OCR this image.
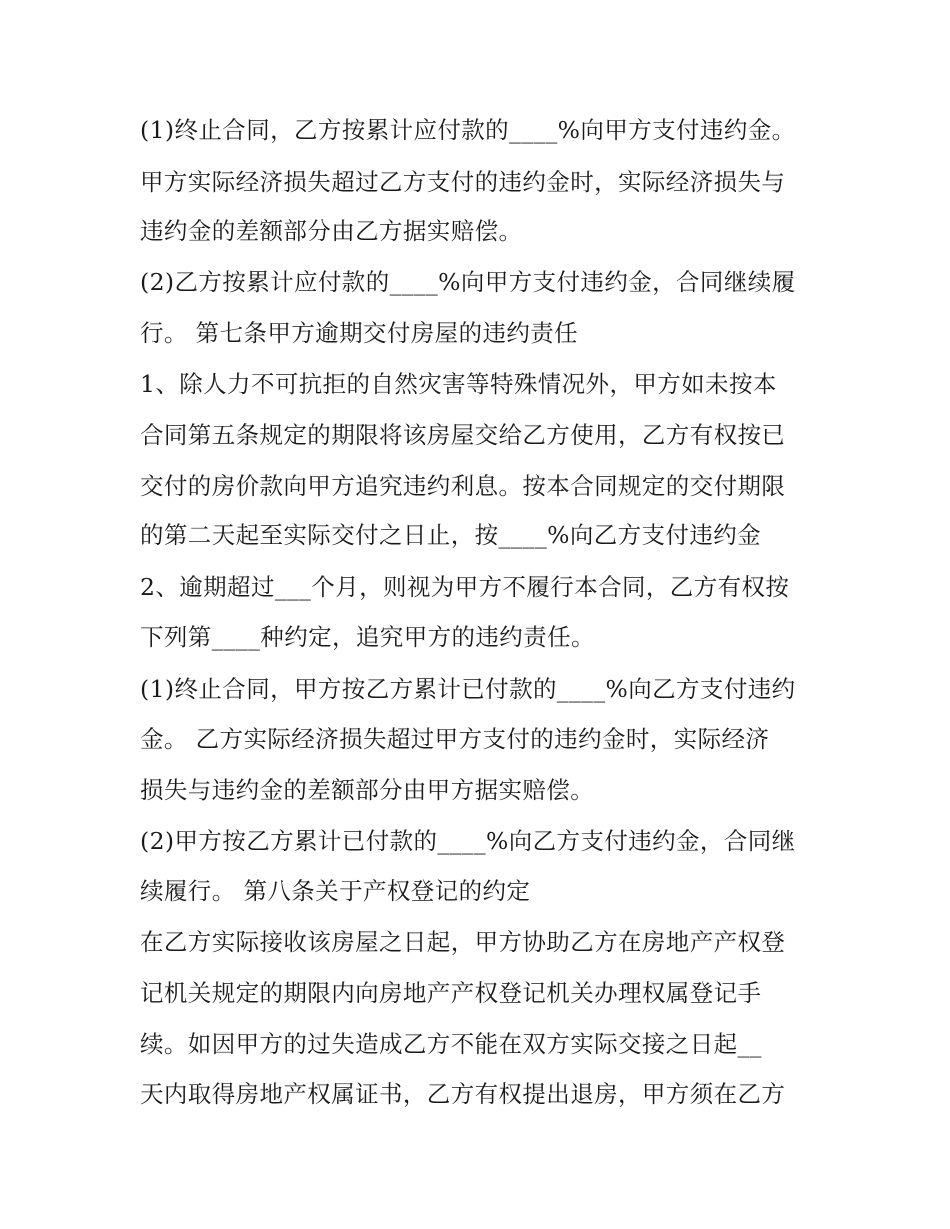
(1)终止合同，乙方按累计应付款的____%向甲方支付违约金。

甲方实际经济损失超过乙方支付的违约金时，实际经济损失与

违约金的差额部分由乙方据实赔偿。

(2)乙方按累计应付款的____%向甲方支付违约金，合同继续履

行。 第七条甲方逾期交付房屋的违约责任

1、除人力不可抗拒的自然灾害等特殊情况外，甲方如未按本

合同第五条规定的期限将该房屋交给乙方使用，乙方有权按已

交付的房价款向甲方追究违约利息。按本合同规定的交付期限

的第二天起至实际交付之日止，按____%向乙方支付违约金

2、逾期超过___个月，则视为甲方不履行本合同，乙方有权按

下列第____种约定，追究甲方的违约责任。

(1)终止合同，甲方按乙方累计已付款的____%向乙方支付违约

金。 乙方实际经济损失超过甲方支付的违约金时，实际经济

损失与违约金的差额部分由甲方据实赔偿。

(2)甲方按乙方累计已付款的____%向乙方支付违约金，合同继

续履行。 第八条关于产权登记的约定

在乙方实际接收该房屋之日起，甲方协助乙方在房地产产权登

记机关规定的期限内向房地产产权登记机关办理权属登记手

续。如因甲方的过失造成乙方不能在双方实际交接之日起__

天内取得房地产权属证书，乙方有权提出退房，甲方须在乙方
